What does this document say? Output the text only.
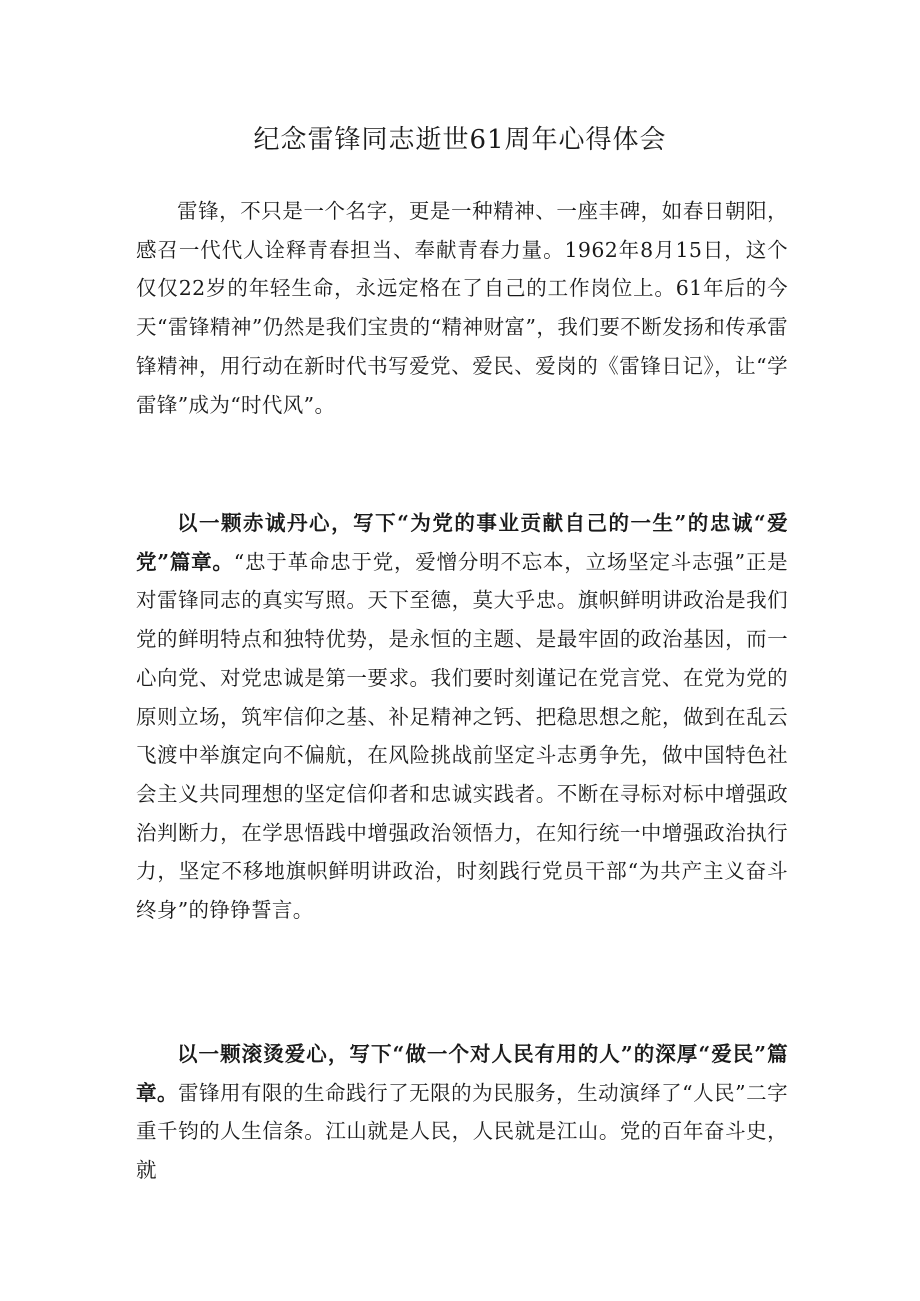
纪念雷锋同志逝世61周年心得体会

雷锋，不只是一个名字，更是一种精神、一座丰碑，如春日朝阳，感召一代代人诠释青春担当、奉献青春力量。1962年8月15日，这个仅仅22岁的年轻生命，永远定格在了自己的工作岗位上。61年后的今天“雷锋精神”仍然是我们宝贵的“精神财富”，我们要不断发扬和传承雷锋精神，用行动在新时代书写爱党、爱民、爱岗的《雷锋日记》，让“学雷锋”成为“时代风”。

以一颗赤诚丹心，写下“为党的事业贡献自己的一生”的忠诚“爱党”篇章。“忠于革命忠于党，爱憎分明不忘本，立场坚定斗志强”正是对雷锋同志的真实写照。天下至德，莫大乎忠。旗帜鲜明讲政治是我们党的鲜明特点和独特优势，是永恒的主题、是最牢固的政治基因，而一心向党、对党忠诚是第一要求。我们要时刻谨记在党言党、在党为党的原则立场，筑牢信仰之基、补足精神之钙、把稳思想之舵，做到在乱云飞渡中举旗定向不偏航，在风险挑战前坚定斗志勇争先，做中国特色社会主义共同理想的坚定信仰者和忠诚实践者。不断在寻标对标中增强政治判断力，在学思悟践中增强政治领悟力，在知行统一中增强政治执行力，坚定不移地旗帜鲜明讲政治，时刻践行党员干部“为共产主义奋斗终身”的铮铮誓言。

以一颗滚烫爱心，写下“做一个对人民有用的人”的深厚“爱民”篇章。雷锋用有限的生命践行了无限的为民服务，生动演绎了“人民”二字重千钧的人生信条。江山就是人民，人民就是江山。党的百年奋斗史，就
